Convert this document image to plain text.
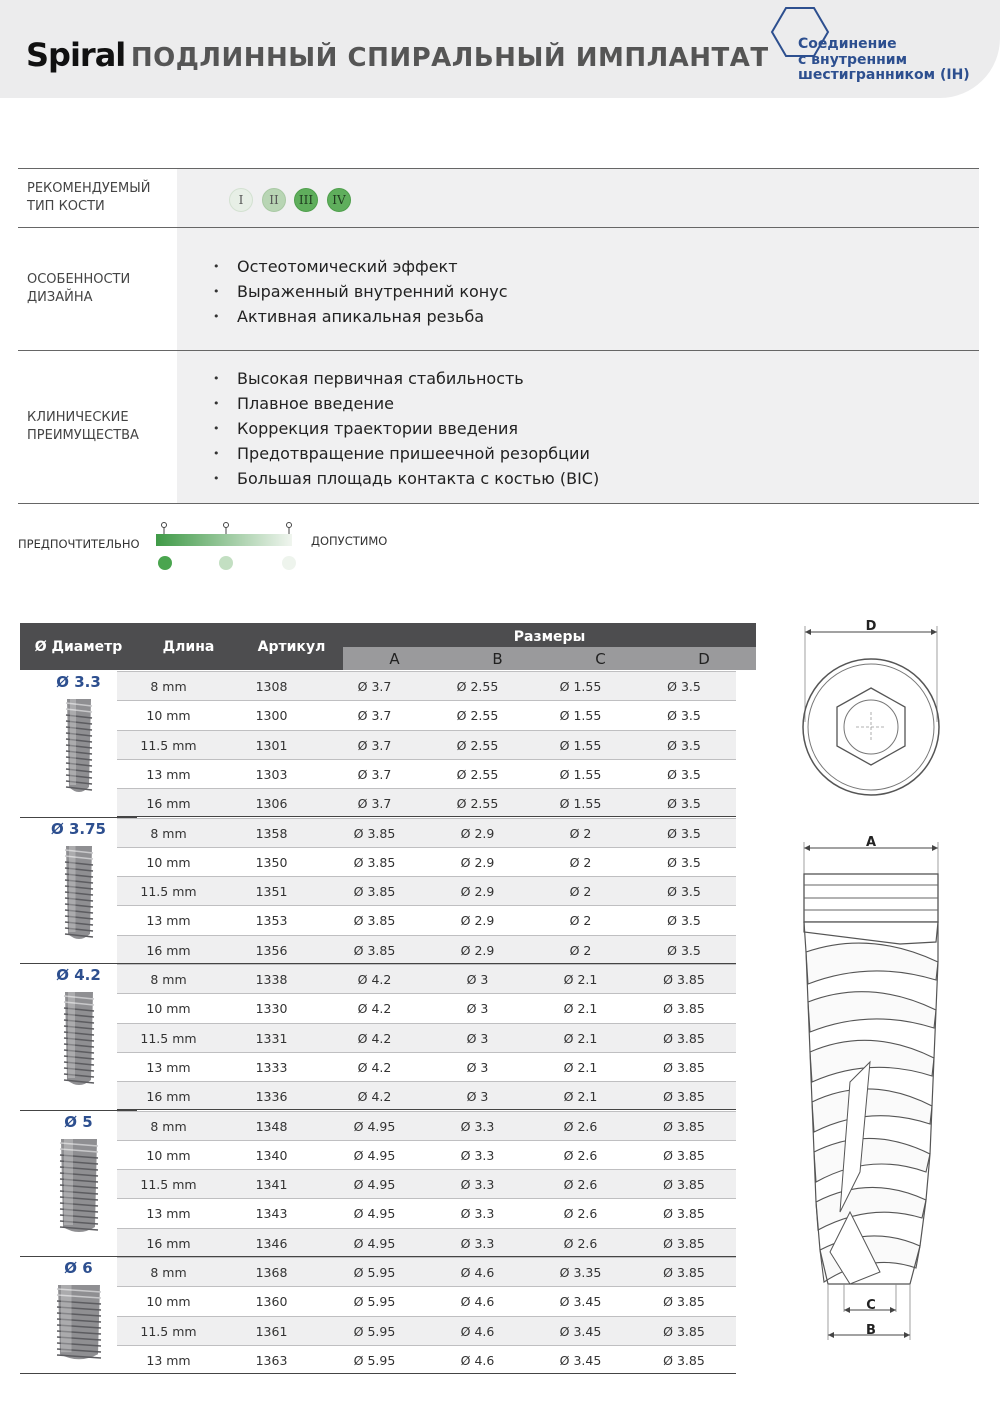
Spiral ПОДЛИННЫЙ СПИРАЛЬНЫЙ ИМПЛАНТАТ Соединение
с внутренним
шестигранником (IH)
РЕКОМЕНДУЕМЫЙ
ТИП КОСТИ	I	II	III	IV
ОСОБЕННОСТИ
ДИЗАЙНА
• Остеотомический эффект
• Выраженный внутренний конус
• Активная апикальная резьба
КЛИНИЧЕСКИЕ
ПРЕИМУЩЕСТВА
• Высокая первичная стабильность
• Плавное введение
• Коррекция траектории введения
• Предотвращение пришеечной резорбции
• Большая площадь контакта с костью (BIC)
ПРЕДПОЧТИТЕЛЬНО	ДОПУСТИМО
Ø Диаметр	Длина	Артикул
Размеры
A	B	C	D
Ø 3.3	8 mm	1308	Ø 3.7	Ø 2.55	Ø 1.55	Ø 3.5
10 mm	1300	Ø 3.7	Ø 2.55	Ø 1.55	Ø 3.5
11.5 mm	1301	Ø 3.7	Ø 2.55	Ø 1.55	Ø 3.5
13 mm	1303	Ø 3.7	Ø 2.55	Ø 1.55	Ø 3.5
16 mm	1306	Ø 3.7	Ø 2.55	Ø 1.55	Ø 3.5
Ø 3.75	8 mm	1358	Ø 3.85	Ø 2.9	Ø 2	Ø 3.5
10 mm	1350	Ø 3.85	Ø 2.9	Ø 2	Ø 3.5
11.5 mm	1351	Ø 3.85	Ø 2.9	Ø 2	Ø 3.5
13 mm	1353	Ø 3.85	Ø 2.9	Ø 2	Ø 3.5
16 mm	1356	Ø 3.85	Ø 2.9	Ø 2	Ø 3.5
Ø 4.2	8 mm	1338	Ø 4.2	Ø 3	Ø 2.1	Ø 3.85
10 mm	1330	Ø 4.2	Ø 3	Ø 2.1	Ø 3.85
11.5 mm	1331	Ø 4.2	Ø 3	Ø 2.1	Ø 3.85
13 mm	1333	Ø 4.2	Ø 3	Ø 2.1	Ø 3.85
16 mm	1336	Ø 4.2	Ø 3	Ø 2.1	Ø 3.85
Ø 5	8 mm	1348	Ø 4.95	Ø 3.3	Ø 2.6	Ø 3.85
10 mm	1340	Ø 4.95	Ø 3.3	Ø 2.6	Ø 3.85
11.5 mm	1341	Ø 4.95	Ø 3.3	Ø 2.6	Ø 3.85
13 mm	1343	Ø 4.95	Ø 3.3	Ø 2.6	Ø 3.85
16 mm	1346	Ø 4.95	Ø 3.3	Ø 2.6	Ø 3.85
Ø 6	8 mm	1368	Ø 5.95	Ø 4.6	Ø 3.35	Ø 3.85
10 mm	1360	Ø 5.95	Ø 4.6	Ø 3.45	Ø 3.85
11.5 mm	1361	Ø 5.95	Ø 4.6	Ø 3.45	Ø 3.85
13 mm	1363	Ø 5.95	Ø 4.6	Ø 3.45	Ø 3.85
D
A
C
B
